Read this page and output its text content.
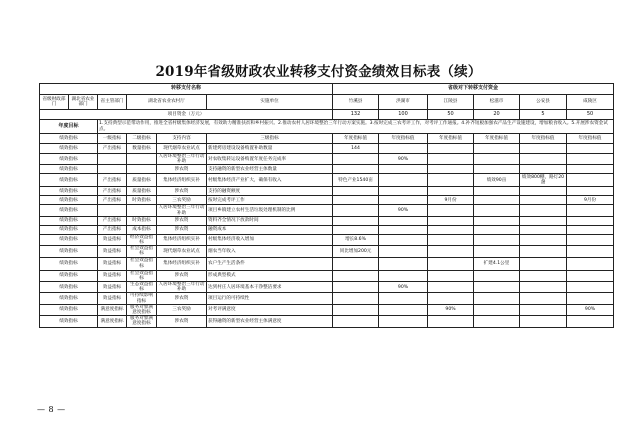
2019年省级财政农业转移支付资金绩效目标表（续）
转移支付名称						省级对下转移支付资金					
省级财政部门	湖北省农业部门	省主管部门	湖北省农业农村厅		实施单位	竹溪县	洪湖市	江陵县	松滋市	公安县	咸陵区
项目资金（万元）						132	100	50	20	5	50
年度目标		1.支持典型示范带动作用，推进全省村级集体经济发展，有效助力精准扶贫和乡村振兴。2.推动农村人居环境整治三年行动方案实施。3.按时完成三农考评工作，对考评工作通报。4.补齐短板加强农产品生产设施建设，增加粮食收入。5.开展涉农资金试点。									
绩效指标		一级指标	二级指标	支持内容	三级指标	年度指标值	年度指标值	年度指标值	年度指标值	年度指标值	年度指标值
绩效指标		产出指标	数量指标	现代烟草农业试点	新建烤房建设设备购置补助数量	144					
绩效指标				人居环境整治三年行动补助	对农收集转运设备购置年度任务完成率		90%				
绩效指标				涉农资	支持融资的新型农业经营主体数量						
绩效指标		产出指标	质量指标	集体经济组织实补	村级集体经济产业扩大，确保有收入	特色产业1540亩			绩效90亩	绩效800棚，路灯20盏	
绩效指标		产出指标	质量指标	涉农资	支持的融资额度						
绩效指标		产出指标	时效指标	三农奖励	按时完成考评工作			9月份			9月份
绩效指标				人居环境整治三年行动补助	项目乡镇建立农村生活垃圾处理机制的比例		90%				
绩效指标		产出指标	时效指标	涉农资	资料齐全情况下放款时间						
绩效指标		产出指标	成本指标	涉农资	融资成本						
绩效指标		效益指标	经济效益指标	集体经济组织实补	村级集体经济收入增加	增长8.6%					
绩效指标		效益指标	社会效益指标	现代烟草农业试点	烟农当年收入	同比增加200元					
绩效指标		效益指标	社会效益指标	集体经济组织实补	农户生产生活条件				扩建4.1公里		
绩效指标		效益指标	社会效益指标	涉农资	形成典型模式						
绩效指标		效益指标	生态效益指标	人居环境整治三年行动补助	达到村庄人居环境基本干净整洁要求		90%				
绩效指标		效益指标	可持续影响指标	涉农资	项目运行的可持续性						
绩效指标		满意度指标	服务对象满意度指标	三农奖励	对考评满意度			90%			90%
绩效指标		满意度指标	服务对象满意度指标	涉农资	获得融资的新型农业经营主体满意度						
— 8 —
